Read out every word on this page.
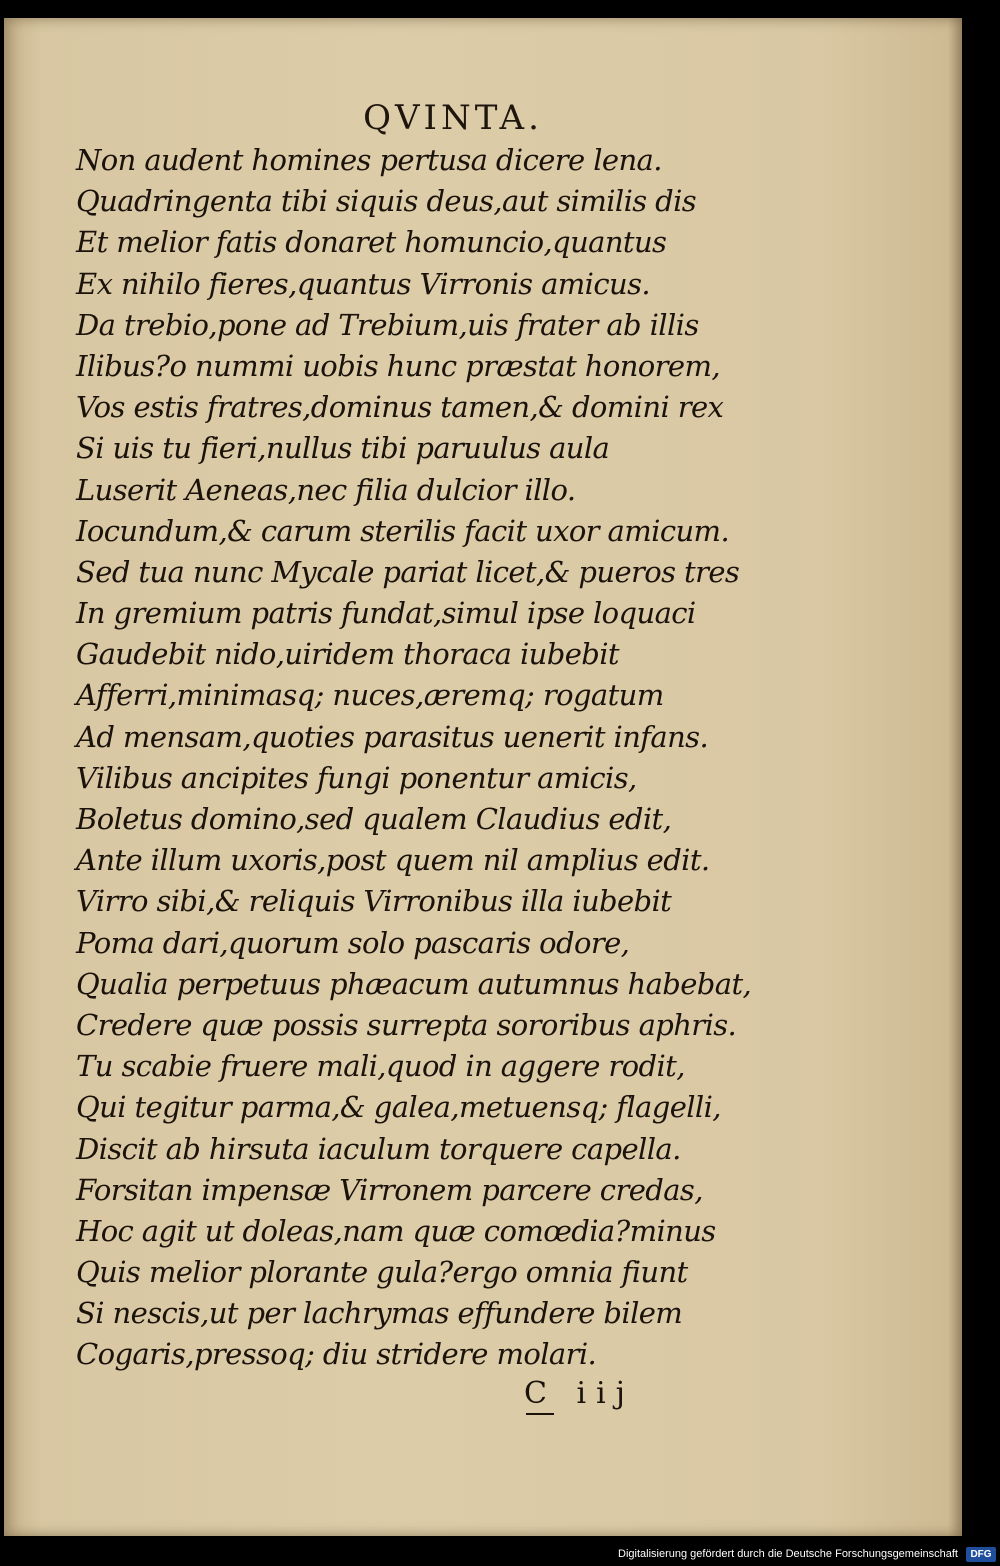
QVINTA.
Non audent homines pertusa dicere lena.
Quadringenta tibi siquis deus,aut similis dis
Et melior fatis donaret homuncio,quantus
Ex nihilo fieres,quantus Virronis amicus.
Da trebio,pone ad Trebium,uis frater ab illis
Ilibus?o nummi uobis hunc præstat honorem,
Vos estis fratres,dominus tamen,& domini rex
Si uis tu fieri,nullus tibi paruulus aula
Luserit Aeneas,nec filia dulcior illo.
Iocundum,& carum sterilis facit uxor amicum.
Sed tua nunc Mycale pariat licet,& pueros tres
In gremium patris fundat,simul ipse loquaci
Gaudebit nido,uiridem thoraca iubebit
Afferri,minimasq; nuces,æremq; rogatum
Ad mensam,quoties parasitus uenerit infans.
Vilibus ancipites fungi ponentur amicis,
Boletus domino,sed qualem Claudius edit,
Ante illum uxoris,post quem nil amplius edit.
Virro sibi,& reliquis Virronibus illa iubebit
Poma dari,quorum solo pascaris odore,
Qualia perpetuus phæacum autumnus habebat,
Credere quæ possis surrepta sororibus aphris.
Tu scabie fruere mali,quod in aggere rodit,
Qui tegitur parma,& galea,metuensq; flagelli,
Discit ab hirsuta iaculum torquere capella.
Forsitan impensæ Virronem parcere credas,
Hoc agit ut doleas,nam quæ comœdia?minus
Quis melior plorante gula?ergo omnia fiunt
Si nescis,ut per lachrymas effundere bilem
Cogaris,pressoq; diu stridere molari.
C iij
Digitalisierung gefördert durch die Deutsche Forschungsgemeinschaft	DFG
